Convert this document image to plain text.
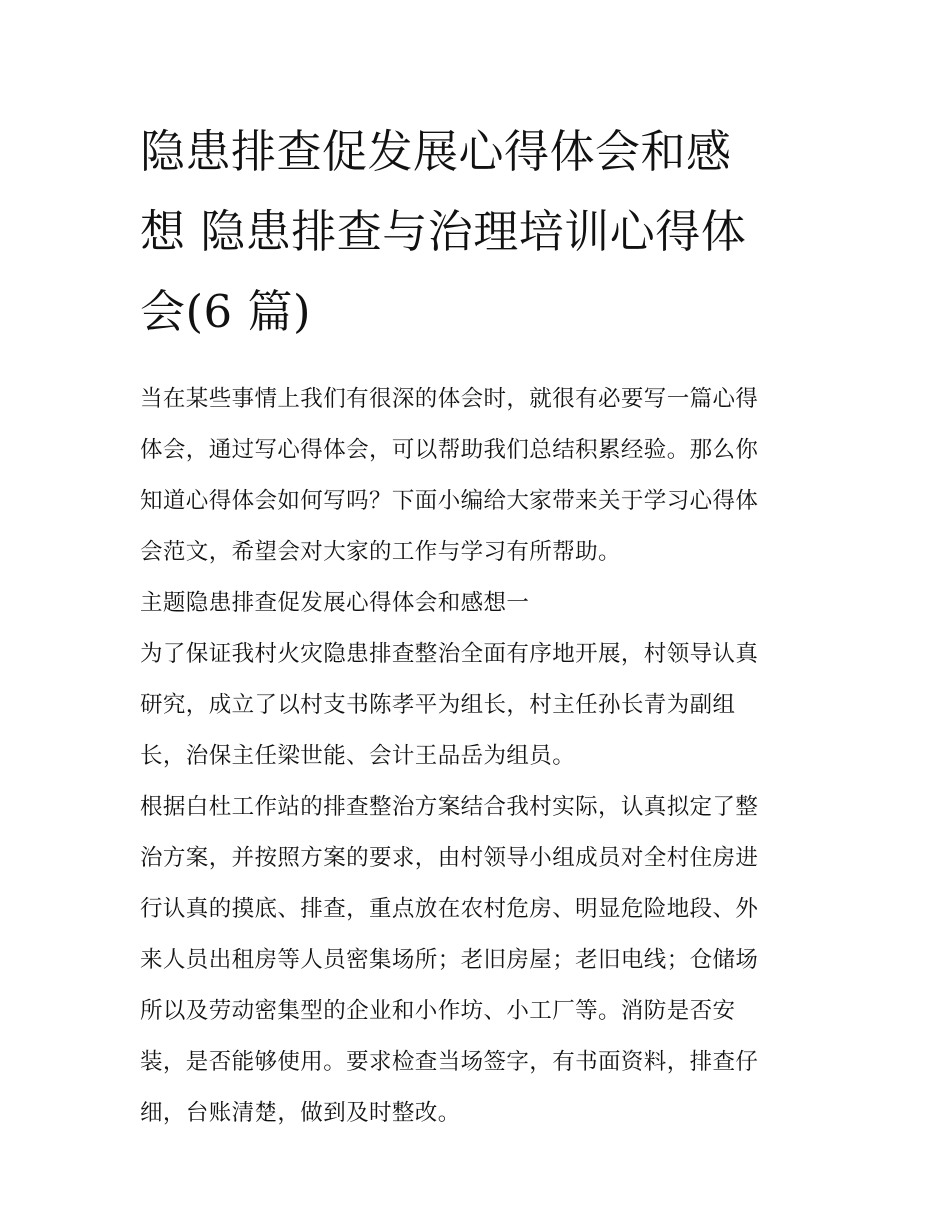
隐患排查促发展心得体会和感
想 隐患排查与治理培训心得体
会(6 篇)

当在某些事情上我们有很深的体会时，就很有必要写一篇心得
体会，通过写心得体会，可以帮助我们总结积累经验。那么你
知道心得体会如何写吗？下面小编给大家带来关于学习心得体
会范文，希望会对大家的工作与学习有所帮助。

主题隐患排查促发展心得体会和感想一

为了保证我村火灾隐患排查整治全面有序地开展，村领导认真
研究，成立了以村支书陈孝平为组长，村主任孙长青为副组
长，治保主任梁世能、会计王品岳为组员。

根据白杜工作站的排查整治方案结合我村实际，认真拟定了整
治方案，并按照方案的要求，由村领导小组成员对全村住房进
行认真的摸底、排查，重点放在农村危房、明显危险地段、外
来人员出租房等人员密集场所；老旧房屋；老旧电线；仓储场
所以及劳动密集型的企业和小作坊、小工厂等。消防是否安
装，是否能够使用。要求检查当场签字，有书面资料，排查仔
细，台账清楚，做到及时整改。
